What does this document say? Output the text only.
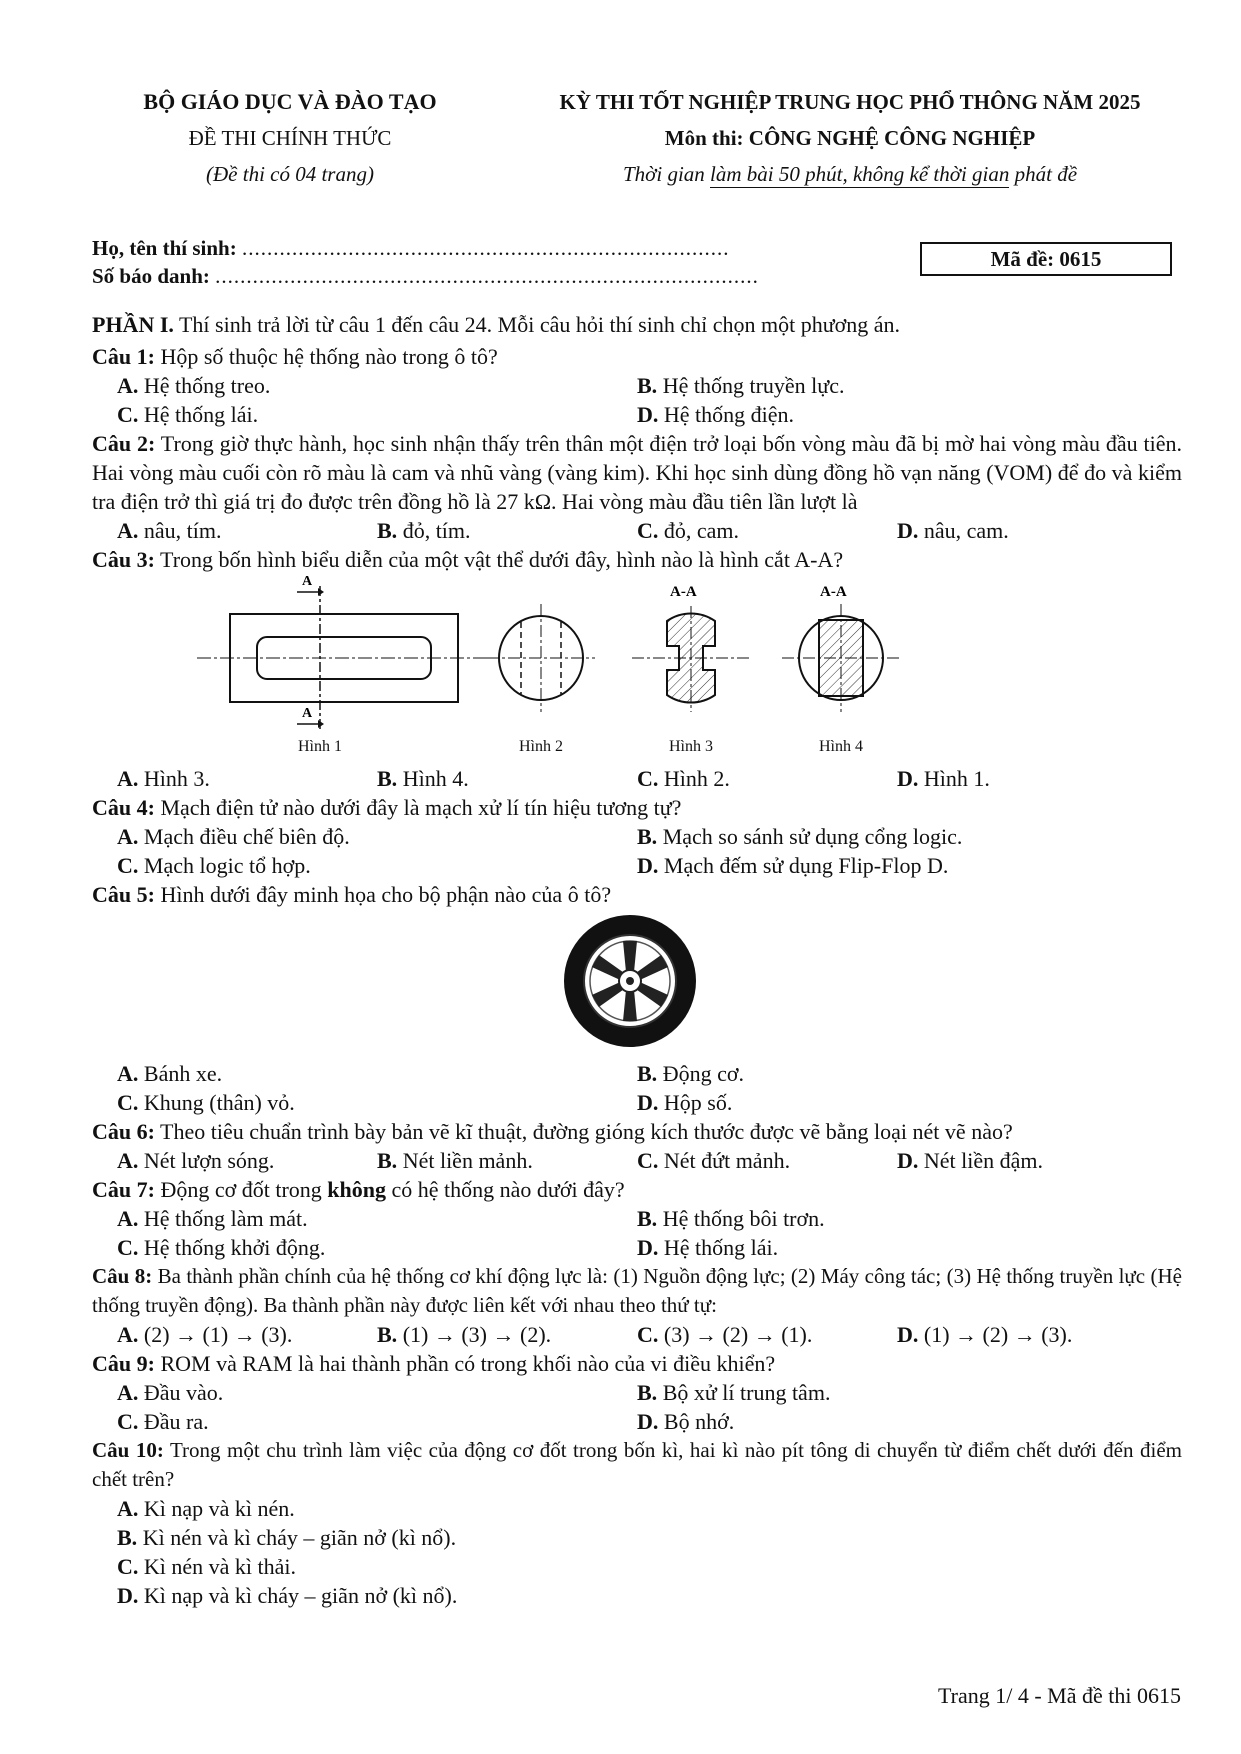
BỘ GIÁO DỤC VÀ ĐÀO TẠO
ĐỀ THI CHÍNH THỨC
(Đề thi có 04 trang)
KỲ THI TỐT NGHIỆP TRUNG HỌC PHỔ THÔNG NĂM 2025
Môn thi: CÔNG NGHỆ CÔNG NGHIỆP
Thời gian làm bài 50 phút, không kể thời gian phát đề
Họ, tên thí sinh: ..............................................................................
Số báo danh: .......................................................................................
Mã đề: 0615
PHẦN I. Thí sinh trả lời từ câu 1 đến câu 24. Mỗi câu hỏi thí sinh chỉ chọn một phương án.
Câu 1: Hộp số thuộc hệ thống nào trong ô tô?
A. Hệ thống treo.	B. Hệ thống truyền lực.
C. Hệ thống lái.	D. Hệ thống điện.
Câu 2: Trong giờ thực hành, học sinh nhận thấy trên thân một điện trở loại bốn vòng màu đã bị mờ hai vòng màu đầu tiên. Hai vòng màu cuối còn rõ màu là cam và nhũ vàng (vàng kim). Khi học sinh dùng đồng hồ vạn năng (VOM) để đo và kiểm tra điện trở thì giá trị đo được trên đồng hồ là 27 kΩ. Hai vòng màu đầu tiên lần lượt là
A. nâu, tím.	B. đỏ, tím.	C. đỏ, cam.	D. nâu, cam.
Câu 3: Trong bốn hình biểu diễn của một vật thể dưới đây, hình nào là hình cắt A-A?
A
A
A-A	A-A
Hình 1	Hình 2	Hình 3	Hình 4
A. Hình 3.	B. Hình 4.	C. Hình 2.	D. Hình 1.
Câu 4: Mạch điện tử nào dưới đây là mạch xử lí tín hiệu tương tự?
A. Mạch điều chế biên độ.	B. Mạch so sánh sử dụng cổng logic.
C. Mạch logic tổ hợp.	D. Mạch đếm sử dụng Flip-Flop D.
Câu 5: Hình dưới đây minh họa cho bộ phận nào của ô tô?
A. Bánh xe.	B. Động cơ.
C. Khung (thân) vỏ.	D. Hộp số.
Câu 6: Theo tiêu chuẩn trình bày bản vẽ kĩ thuật, đường gióng kích thước được vẽ bằng loại nét vẽ nào?
A. Nét lượn sóng.	B. Nét liền mảnh.	C. Nét đứt mảnh.	D. Nét liền đậm.
Câu 7: Động cơ đốt trong không có hệ thống nào dưới đây?
A. Hệ thống làm mát.	B. Hệ thống bôi trơn.
C. Hệ thống khởi động.	D. Hệ thống lái.
Câu 8: Ba thành phần chính của hệ thống cơ khí động lực là: (1) Nguồn động lực; (2) Máy công tác; (3) Hệ thống truyền lực (Hệ thống truyền động). Ba thành phần này được liên kết với nhau theo thứ tự:
A. (2) → (1) → (3).	B. (1) → (3) → (2).	C. (3) → (2) → (1).	D. (1) → (2) → (3).
Câu 9: ROM và RAM là hai thành phần có trong khối nào của vi điều khiển?
A. Đầu vào.	B. Bộ xử lí trung tâm.
C. Đầu ra.	D. Bộ nhớ.
Câu 10: Trong một chu trình làm việc của động cơ đốt trong bốn kì, hai kì nào pít tông di chuyển từ điểm chết dưới đến điểm chết trên?
A. Kì nạp và kì nén.
B. Kì nén và kì cháy – giãn nở (kì nổ).
C. Kì nén và kì thải.
D. Kì nạp và kì cháy – giãn nở (kì nổ).
Trang 1/ 4 - Mã đề thi 0615
